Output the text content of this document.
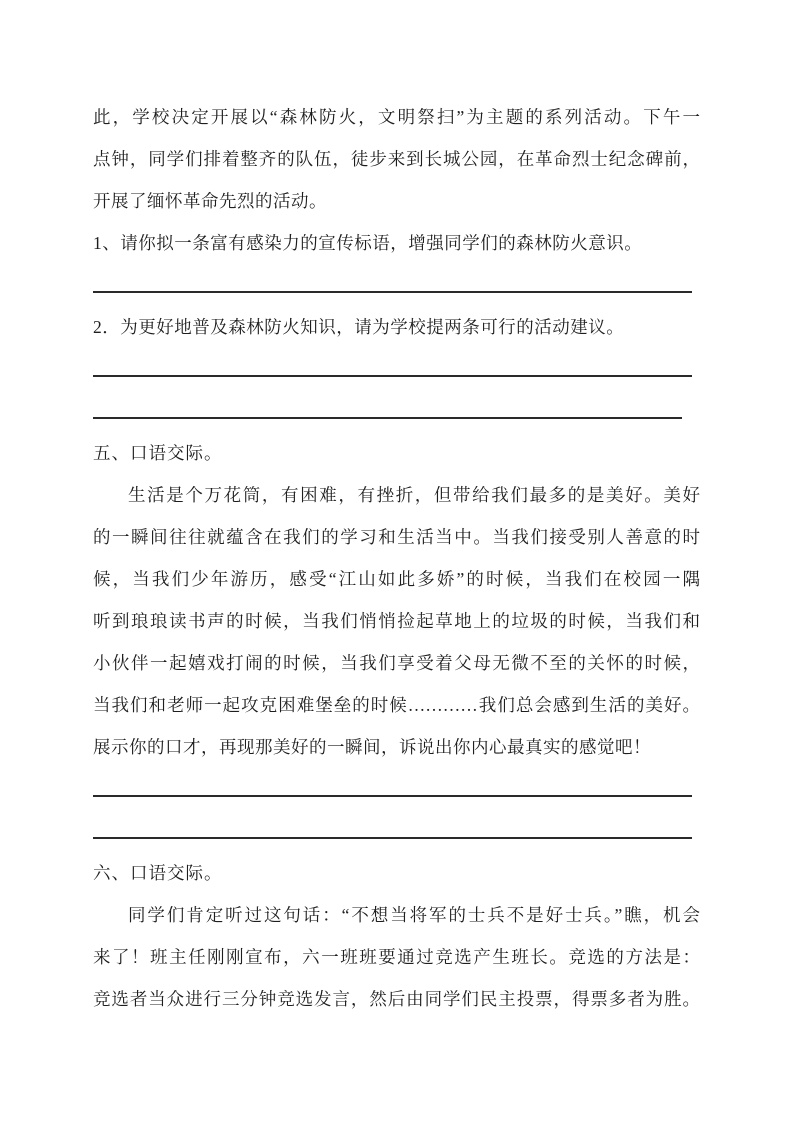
此，学校决定开展以“森林防火，文明祭扫”为主题的系列活动。下午一
点钟，同学们排着整齐的队伍，徒步来到长城公园，在革命烈士纪念碑前，
开展了缅怀革命先烈的活动。
1、请你拟一条富有感染力的宣传标语，增强同学们的森林防火意识。
2．为更好地普及森林防火知识，请为学校提两条可行的活动建议。
五、口语交际。
生活是个万花筒，有困难，有挫折，但带给我们最多的是美好。美好
的一瞬间往往就蕴含在我们的学习和生活当中。当我们接受别人善意的时
候，当我们少年游历，感受“江山如此多娇”的时候，当我们在校园一隅
听到琅琅读书声的时候，当我们悄悄捡起草地上的垃圾的时候，当我们和
小伙伴一起嬉戏打闹的时候，当我们享受着父母无微不至的关怀的时候，
当我们和老师一起攻克困难堡垒的时候…………我们总会感到生活的美好。
展示你的口才，再现那美好的一瞬间，诉说出你内心最真实的感觉吧！
六、口语交际。
同学们肯定听过这句话：“不想当将军的士兵不是好士兵。”瞧，机会
来了！班主任刚刚宣布，六一班班要通过竞选产生班长。竞选的方法是：
竞选者当众进行三分钟竞选发言，然后由同学们民主投票，得票多者为胜。
